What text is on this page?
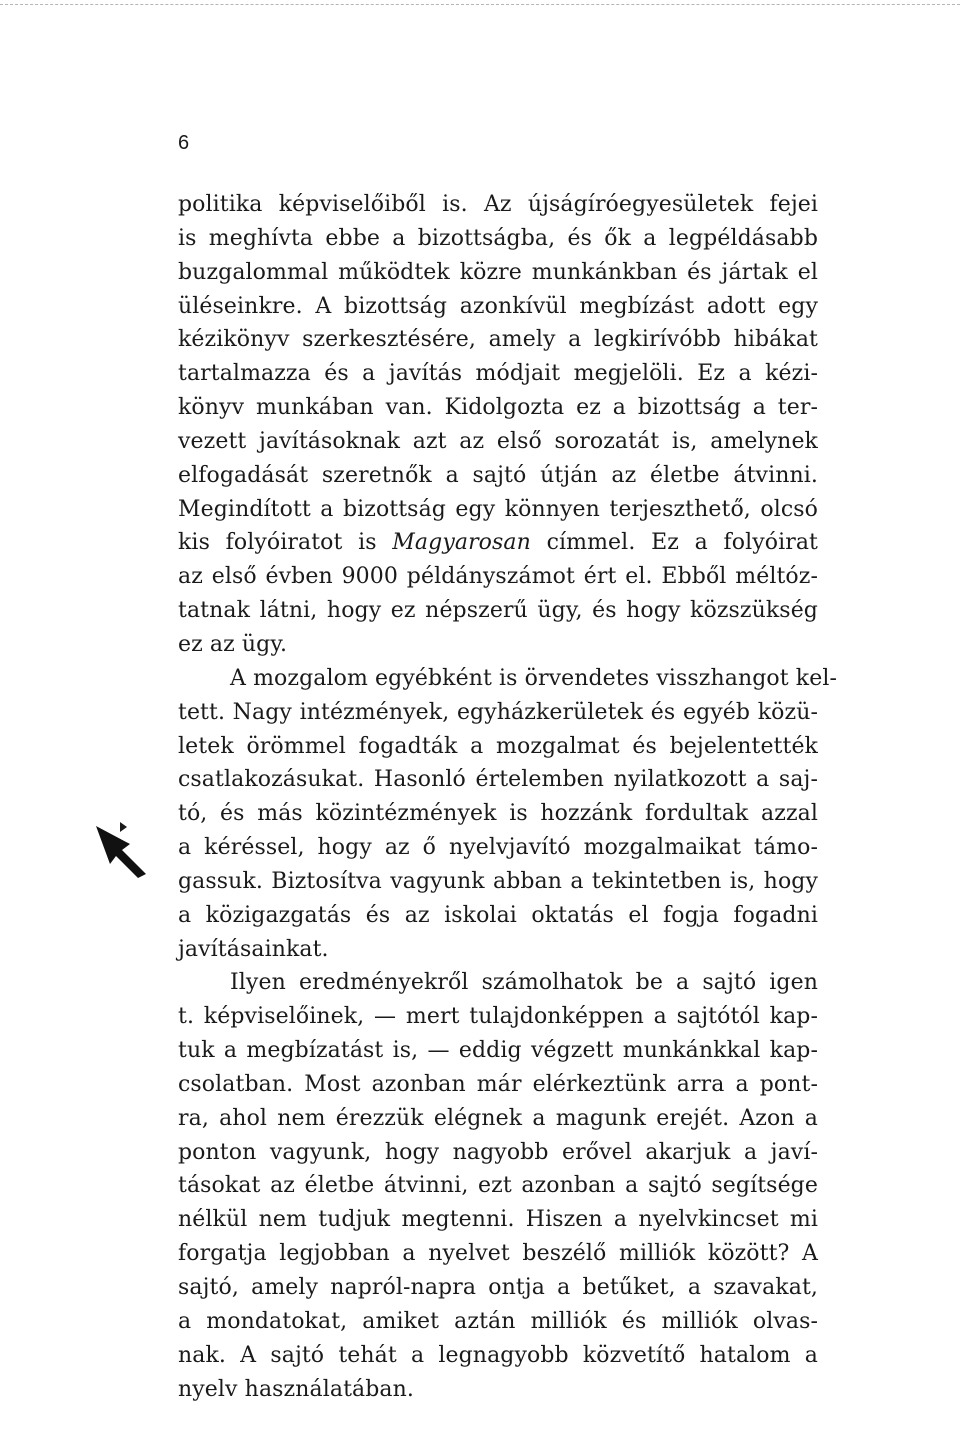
6
politika képviselőiből is. Az újságíróegyesületek fejei
is meghívta ebbe a bizottságba, és ők a legpéldásabb
buzgalommal működtek közre munkánkban és jártak el
üléseinkre. A bizottság azonkívül megbízást adott egy
kézikönyv szerkesztésére, amely a legkirívóbb hibákat
tartalmazza és a javítás módjait megjelöli. Ez a kézi-
könyv munkában van. Kidolgozta ez a bizottság a ter-
vezett javításoknak azt az első sorozatát is, amelynek
elfogadását szeretnők a sajtó útján az életbe átvinni.
Megindított a bizottság egy könnyen terjeszthető, olcsó
kis folyóiratot is Magyarosan címmel. Ez a folyóirat
az első évben 9000 példányszámot ért el. Ebből méltóz-
tatnak látni, hogy ez népszerű ügy, és hogy közszükség
ez az ügy.
A mozgalom egyébként is örvendetes visszhangot kel-
tett. Nagy intézmények, egyházkerületek és egyéb közü-
letek örömmel fogadták a mozgalmat és bejelentették
csatlakozásukat. Hasonló értelemben nyilatkozott a saj-
tó, és más közintézmények is hozzánk fordultak azzal
a kéréssel, hogy az ő nyelvjavító mozgalmaikat támo-
gassuk. Biztosítva vagyunk abban a tekintetben is, hogy
a közigazgatás és az iskolai oktatás el fogja fogadni
javításainkat.
Ilyen eredményekről számolhatok be a sajtó igen
t. képviselőinek, — mert tulajdonképpen a sajtótól kap-
tuk a megbízatást is, — eddig végzett munkánkkal kap-
csolatban. Most azonban már elérkeztünk arra a pont-
ra, ahol nem érezzük elégnek a magunk erejét. Azon a
ponton vagyunk, hogy nagyobb erővel akarjuk a javí-
tásokat az életbe átvinni, ezt azonban a sajtó segítsége
nélkül nem tudjuk megtenni. Hiszen a nyelvkincset mi
forgatja legjobban a nyelvet beszélő milliók között? A
sajtó, amely napról-napra ontja a betűket, a szavakat,
a mondatokat, amiket aztán milliók és milliók olvas-
nak. A sajtó tehát a legnagyobb közvetítő hatalom a
nyelv használatában.
